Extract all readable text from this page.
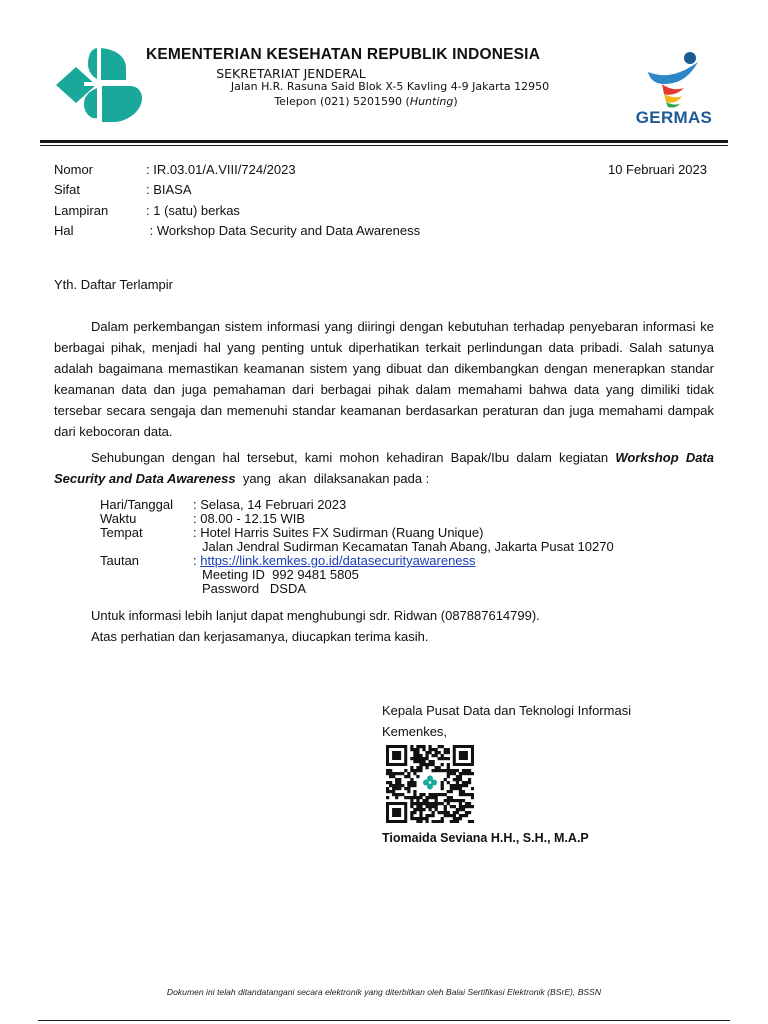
KEMENTERIAN KESEHATAN REPUBLIK INDONESIA
SEKRETARIAT JENDERAL
Jalan H.R. Rasuna Said Blok X-5 Kavling 4-9 Jakarta 12950
Telepon (021) 5201590 (Hunting)
GERMAS
Nomor	: IR.03.01/A.VIII/724/2023	10 Februari 2023
Sifat	: BIASA
Lampiran	: 1 (satu) berkas
Hal	: Workshop Data Security and Data Awareness
Yth. Daftar Terlampir

Dalam perkembangan sistem informasi yang diiringi dengan kebutuhan terhadap penyebaran informasi ke berbagai pihak, menjadi hal yang penting untuk diperhatikan terkait perlindungan data pribadi. Salah satunya adalah bagaimana memastikan keamanan sistem yang dibuat dan dikembangkan dengan menerapkan standar keamanan data dan juga pemahaman dari berbagai pihak dalam memahami bahwa data yang dimiliki tidak tersebar secara sengaja dan memenuhi standar keamanan berdasarkan peraturan dan juga memahami dampak dari kebocoran data.

Sehubungan dengan hal tersebut, kami mohon kehadiran Bapak/Ibu dalam kegiatan Workshop Data Security and Data Awareness  yang  akan  dilaksanakan pada :

Hari/Tanggal : Selasa, 14 Februari 2023
Waktu	: 08.00 - 12.15 WIB
Tempat	: Hotel Harris Suites FX Sudirman (Ruang Unique)
Jalan Jendral Sudirman Kecamatan Tanah Abang, Jakarta Pusat 10270
Tautan	: https://link.kemkes.go.id/datasecurityawareness
Meeting ID  992 9481 5805
Password   DSDA
Untuk informasi lebih lanjut dapat menghubungi sdr. Ridwan (087887614799).
Atas perhatian dan kerjasamanya, diucapkan terima kasih.
Kepala Pusat Data dan Teknologi Informasi
Kemenkes,
Tiomaida Seviana H.H., S.H., M.A.P
Dokumen ini telah ditandatangani secara elektronik yang diterbitkan oleh Balai Sertifikasi Elektronik (BSrE), BSSN
